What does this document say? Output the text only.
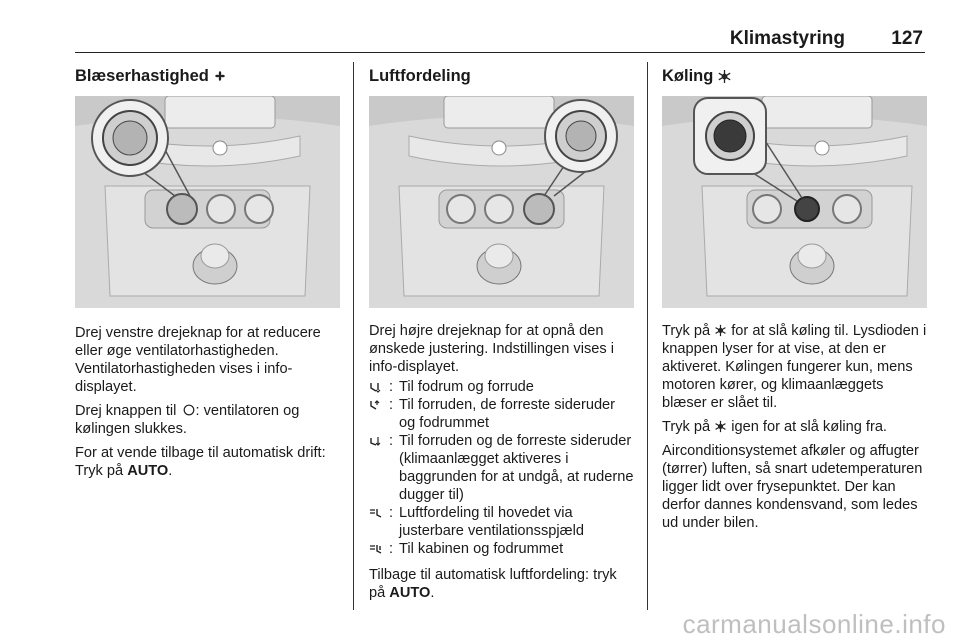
Klimastyring 127
Blæserhastighed

Drej venstre drejeknap for at reducere eller øge ventilatorhastigheden. Ventilatorhastigheden vises i info-displayet.

Drej knappen til : ventilatoren og kølingen slukkes.

For at vende tilbage til automatisk drift: Tryk på AUTO.

Luftfordeling

Drej højre drejeknap for at opnå den ønskede justering. Indstillingen vises i info-displayet.

: Til fodrum og forrude
: Til forruden, de forreste sideruder og fodrummet
: Til forruden og de forreste sideruder (klimaanlægget aktiveres i baggrunden for at undgå, at ruderne dugger til)
: Luftfordeling til hovedet via justerbare ventilationsspjæld
: Til kabinen og fodrummet

Tilbage til automatisk luftfordeling: tryk på AUTO.

Køling

Tryk på for at slå køling til. Lysdioden i knappen lyser for at vise, at den er aktiveret. Kølingen fungerer kun, mens motoren kører, og klimaanlæggets blæser er slået til.

Tryk på igen for at slå køling fra.

Airconditionsystemet afkøler og affugter (tørrer) luften, så snart udetemperaturen ligger lidt over frysepunktet. Der kan derfor dannes kondensvand, som ledes ud under bilen.

carmanualsonline.info
